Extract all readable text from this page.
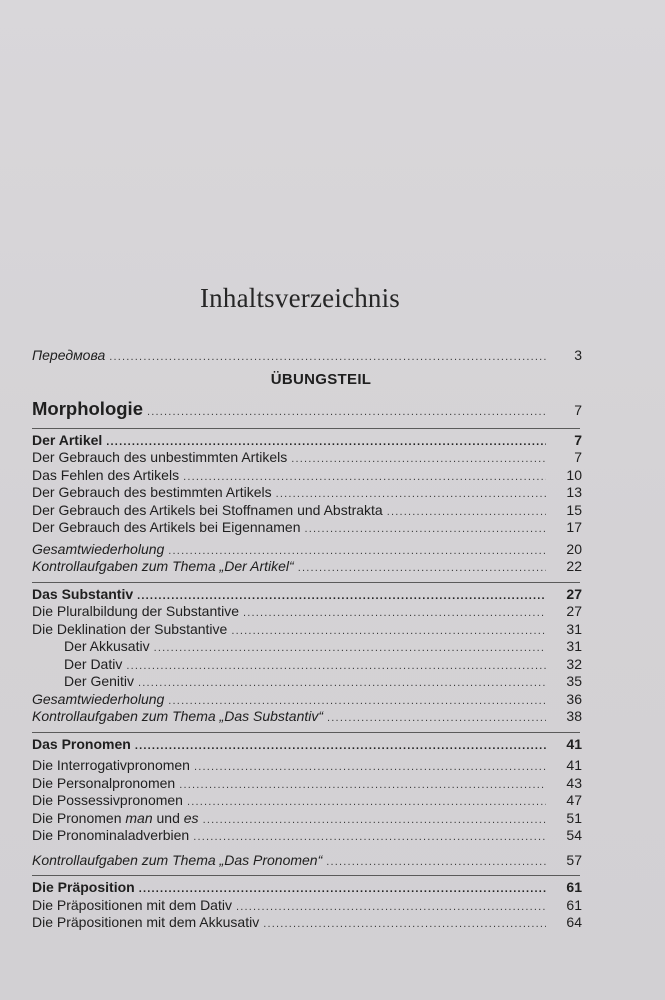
Inhaltsverzeichnis
Передмова .....	3
ÜBUNGSTEIL
Morphologie .....	7
Der Artikel .....	7
Der Gebrauch des unbestimmten Artikels .....	7
Das Fehlen des Artikels .....	10
Der Gebrauch des bestimmten Artikels .....	13
Der Gebrauch des Artikels bei Stoffnamen und Abstrakta .....	15
Der Gebrauch des Artikels bei Eigennamen .....	17
Gesamtwiederholung .....	20
Kontrollaufgaben zum Thema „Der Artikel“ .....	22
Das Substantiv .....	27
Die Pluralbildung der Substantive .....	27
Die Deklination der Substantive .....	31
Der Akkusativ .....	31
Der Dativ .....	32
Der Genitiv .....	35
Gesamtwiederholung .....	36
Kontrollaufgaben zum Thema „Das Substantiv“ .....	38
Das Pronomen .....	41
Die Interrogativpronomen .....	41
Die Personalpronomen .....	43
Die Possessivpronomen .....	47
Die Pronomen man und es .....	51
Die Pronominaladverbien .....	54
Kontrollaufgaben zum Thema „Das Pronomen“ .....	57
Die Präposition .....	61
Die Präpositionen mit dem Dativ .....	61
Die Präpositionen mit dem Akkusativ .....	64
